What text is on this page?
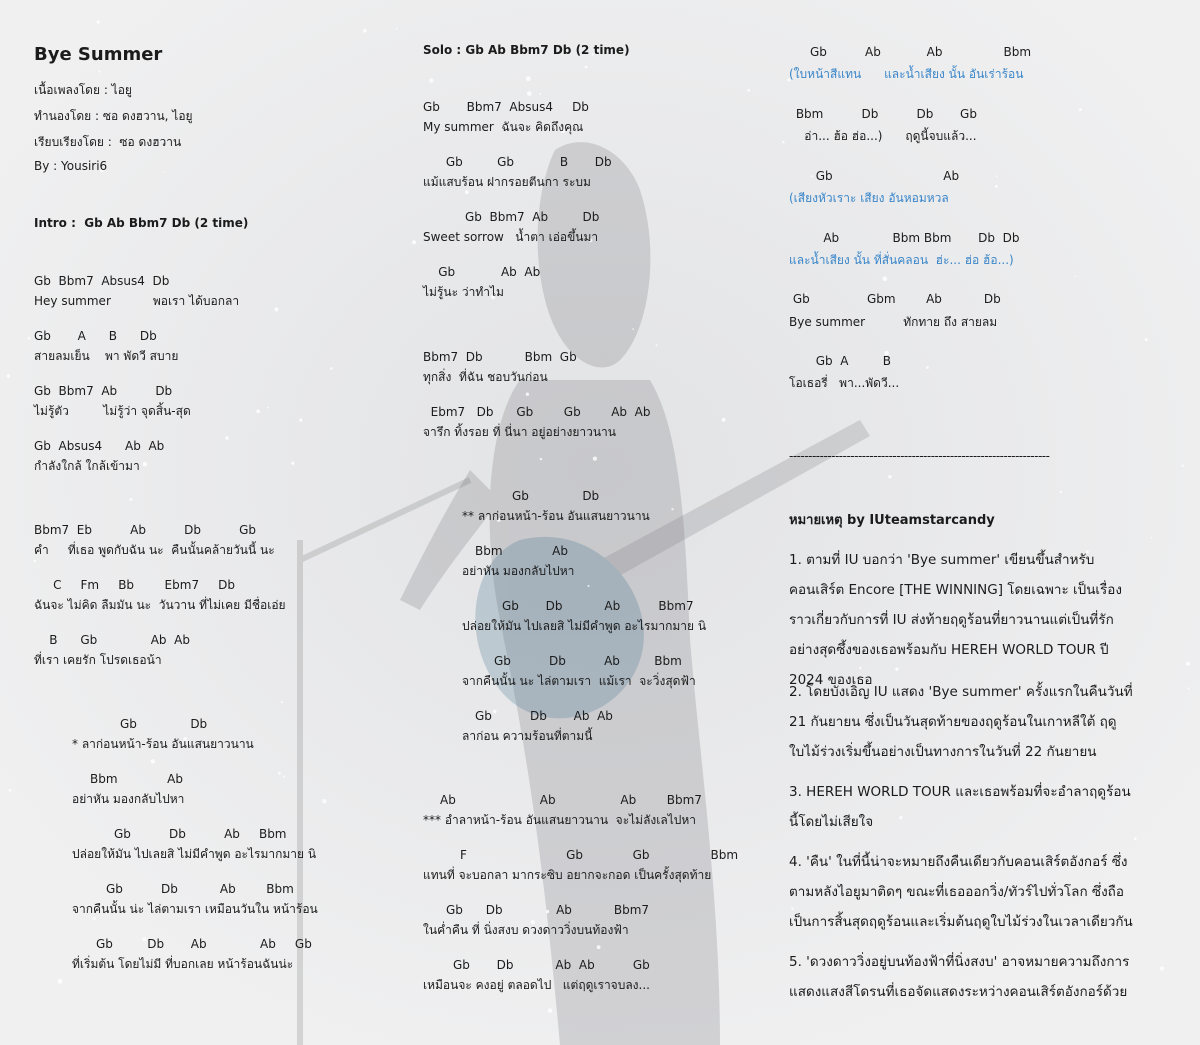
Bye Summer
เนื้อเพลงโดย : ไอยู
ทำนองโดย : ซอ ดงฮวาน, ไอยู
เรียบเรียงโดย :  ซอ ดงฮวาน
By : Yousiri6
Intro :  Gb Ab Bbm7 Db (2 time)
Gb  Bbm7  Absus4  Db
Hey summer           พอเรา ได้บอกลา
Gb       A      B      Db
สายลมเย็น    พา พัดวี สบาย
Gb  Bbm7  Ab          Db
ไม่รู้ตัว         ไม่รู้ว่า จุดสิ้น-สุด
Gb  Absus4      Ab  Ab
กำลังใกล้ ใกล้เข้ามา
Bbm7  Eb          Ab          Db          Gb
คำ     ที่เธอ พูดกับฉัน นะ  คืนนั้นคล้ายวันนี้ นะ
C     Fm     Bb        Ebm7     Db
ฉันจะ ไม่คิด ลืมมัน นะ  วันวาน ที่ไม่เคย มีชื่อเอ่ย
B      Gb              Ab  Ab
ที่เรา เคยรัก โปรดเธอน้า
Gb              Db
* ลาก่อนหน้า-ร้อน อันแสนยาวนาน
Bbm             Ab
อย่าหัน มองกลับไปหา
Gb          Db          Ab     Bbm
ปล่อยให้มัน ไปเลยสิ ไม่มีคำพูด อะไรมากมาย นิ
Gb          Db           Ab        Bbm
จากคืนนั้น น่ะ ไล่ตามเรา เหมือนวันใน หน้าร้อน
Gb         Db       Ab              Ab     Gb
ที่เริ่มต้น โดยไม่มี ที่บอกเลย หน้าร้อนฉันน่ะ
Solo : Gb Ab Bbm7 Db (2 time)
Gb       Bbm7  Absus4     Db
My summer  ฉันจะ คิดถึงคุณ
Gb         Gb            B       Db
แม้แสบร้อน ฝากรอยตีนกา ระบม
Gb  Bbm7  Ab         Db
Sweet sorrow   น้ำตา เอ่อขึ้นมา
Gb            Ab  Ab
ไม่รู้นะ ว่าทำไม
Bbm7  Db           Bbm  Gb
ทุกสิ่ง  ที่ฉัน ชอบวันก่อน
Ebm7   Db      Gb        Gb        Ab  Ab
จารึก ทิ้งรอย ที่ นี่นา อยู่อย่างยาวนาน
Gb              Db
** ลาก่อนหน้า-ร้อน อันแสนยาวนาน
Bbm             Ab
อย่าหัน มองกลับไปหา
Gb       Db           Ab          Bbm7
ปล่อยให้มัน ไปเลยสิ ไม่มีคำพูด อะไรมากมาย นิ
Gb          Db          Ab         Bbm
จากคืนนั้น นะ ไล่ตามเรา  แม้เรา  จะวิ่งสุดฟ้า
Gb          Db       Ab  Ab
ลาก่อน ความร้อนที่ตามนี้
Ab                      Ab                 Ab        Bbm7
*** อำลาหน้า-ร้อน อันแสนยาวนาน  จะไม่ลังเลไปหา
F                          Gb             Gb                Bbm
แทนที่ จะบอกลา มากระซิบ อยากจะกอด เป็นครั้งสุดท้าย
Gb      Db              Ab           Bbm7
ในค่ำคืน ที่ นิ่งสงบ ดวงดาววิ่งบนท้องฟ้า
Gb       Db           Ab  Ab          Gb
เหมือนจะ คงอยู่ ตลอดไป   แต่ฤดูเราจบลง...
Gb          Ab            Ab                Bbm
(ใบหน้าสีแทน      และน้ำเสียง นั้น อันเร่าร้อน
Bbm          Db          Db       Gb
อ่า... ฮ้อ ฮ่อ...)      ฤดูนี้จบแล้ว...
Gb                             Ab
(เสียงหัวเราะ เสียง อันหอมหวล
Ab              Bbm Bbm       Db  Db
และน้ำเสียง นั้น ที่สั่นคลอน  ฮ่ะ... ฮ่อ ฮ้อ...)
Gb               Gbm        Ab           Db
Bye summer          ทักทาย ถึง สายลม
Gb  A         B
โอเธอรี่   พา...พัดวี...
--------------------------------------------------------------------
หมายเหตุ by IUteamstarcandy
1. ตามที่ IU บอกว่า 'Bye summer' เขียนขึ้นสำหรับคอนเสิร์ต Encore [THE WINNING] โดยเฉพาะ เป็นเรื่องราวเกี่ยวกับการที่ IU ส่งท้ายฤดูร้อนที่ยาวนานแต่เป็นที่รักอย่างสุดซึ้งของเธอพร้อมกับ HEREH WORLD TOUR ปี 2024 ของเธอ
2. โดยบังเอิญ IU แสดง 'Bye summer' ครั้งแรกในคืนวันที่ 21 กันยายน ซึ่งเป็นวันสุดท้ายของฤดูร้อนในเกาหลีใต้ ฤดูใบไม้ร่วงเริ่มขึ้นอย่างเป็นทางการในวันที่ 22 กันยายน
3. HEREH WORLD TOUR และเธอพร้อมที่จะอำลาฤดูร้อนนี้โดยไม่เสียใจ
4. 'คืน' ในที่นี้น่าจะหมายถึงคืนเดียวกับคอนเสิร์ตอังกอร์ ซึ่งตามหลังไอยูมาติดๆ ขณะที่เธอออกวิ่ง/ทัวร์ไปทั่วโลก ซึ่งถือเป็นการสิ้นสุดฤดูร้อนและเริ่มต้นฤดูใบไม้ร่วงในเวลาเดียวกัน
5. 'ดวงดาววิ่งอยู่บนท้องฟ้าที่นิ่งสงบ' อาจหมายความถึงการแสดงแสงสีโดรนที่เธอจัดแสดงระหว่างคอนเสิร์ตอังกอร์ด้วย
